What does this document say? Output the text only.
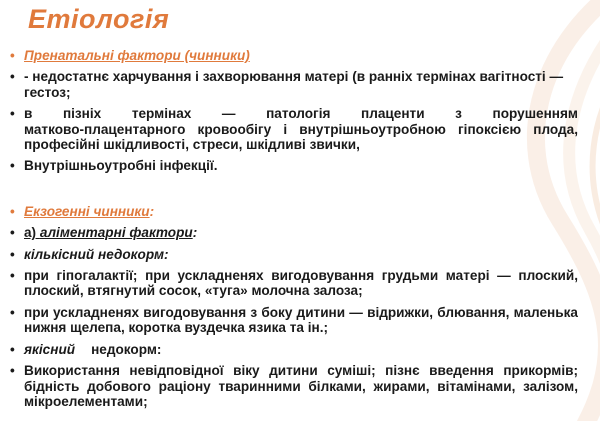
Етіологія
• Пренатальні фактори (чинники)
• - недостатнє харчування і захворювання матері (в ранніх термінах вагітності — гестоз;
• в пізніх термінах — патологія плаценти з порушенням
матково-плацентарного кровообігу і внутрішньоутробною гіпоксією плода, професійні шкідливості, стреси, шкідливі звички,
• Внутрішньоутробні інфекції.
• Екзогенні чинники:
• а) аліментарні фактори:
• кількісний недокорм:
• при гіпогалактії; при ускладненях вигодовування грудьми матері — плоский, плоский, втягнутий сосок, «туга» молочна залоза;
• при ускладненях вигодовування з боку дитини — відрижки, блювання, маленька нижня щелепа, коротка вуздечка язика та ін.;
• якісний недокорм:
• Використання невідповідної віку дитини суміші; пізнє введення прикормів; бідність добового раціону тваринними білками, жирами, вітамінами, залізом, мікроелементами;
